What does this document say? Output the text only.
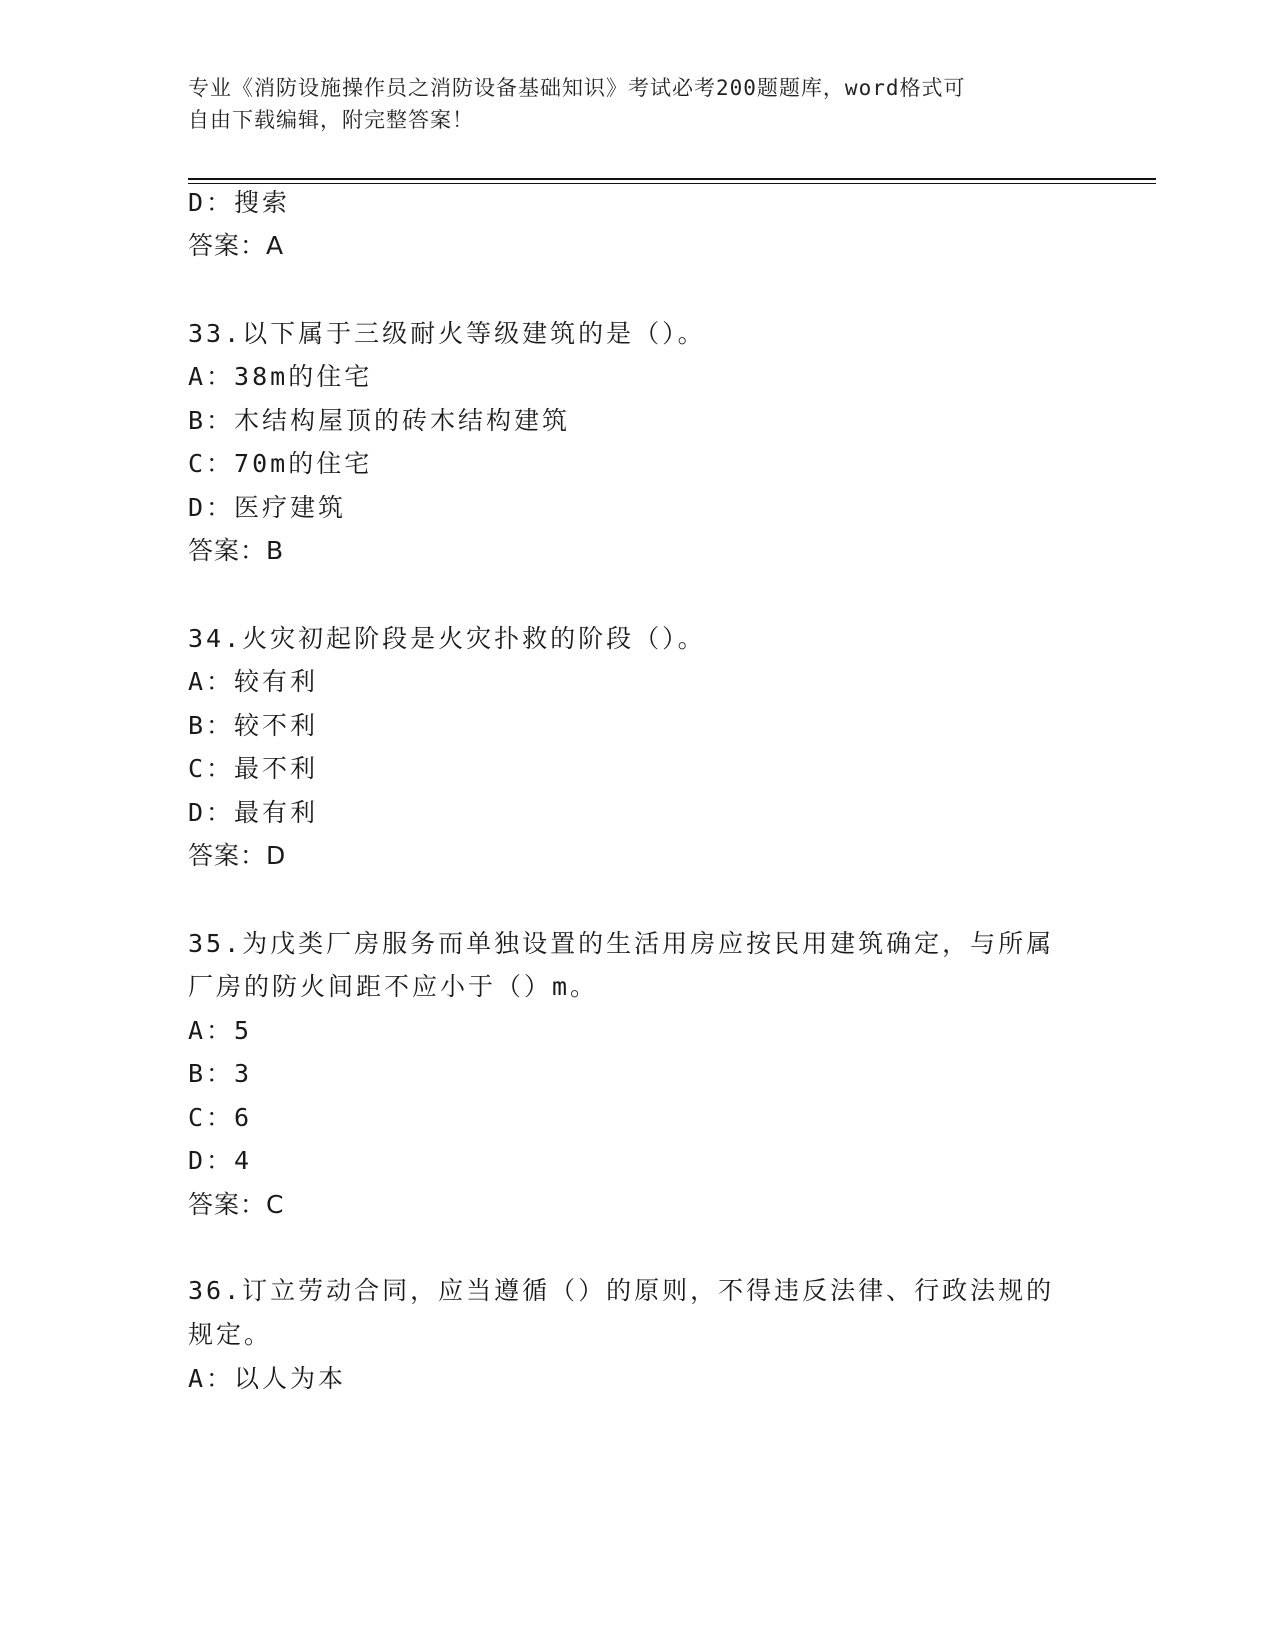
专业《消防设施操作员之消防设备基础知识》考试必考200题题库，word格式可
自由下载编辑，附完整答案！
D：搜索
答案：A
33.以下属于三级耐火等级建筑的是（）。
A：38m的住宅
B：木结构屋顶的砖木结构建筑
C：70m的住宅
D：医疗建筑
答案：B
34.火灾初起阶段是火灾扑救的阶段（）。
A：较有利
B：较不利
C：最不利
D：最有利
答案：D
35.为戊类厂房服务而单独设置的生活用房应按民用建筑确定，与所属
厂房的防火间距不应小于（）m。
A：5
B：3
C：6
D：4
答案：C
36.订立劳动合同，应当遵循（）的原则，不得违反法律、行政法规的
规定。
A：以人为本
